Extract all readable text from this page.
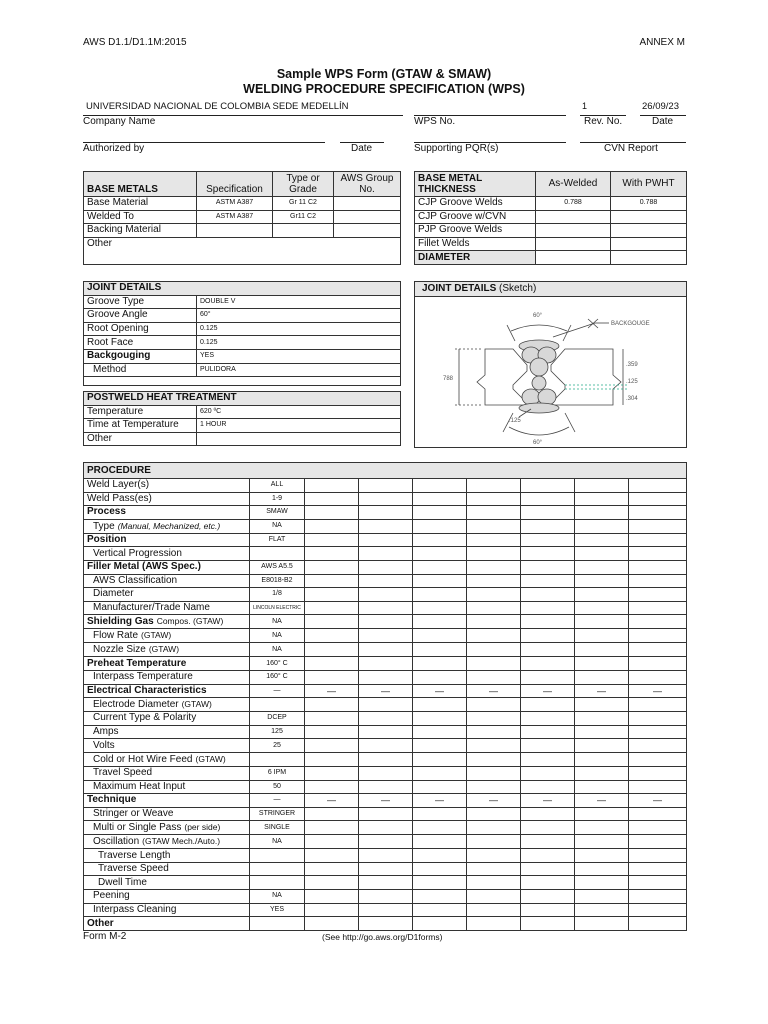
AWS D1.1/D1.1M:2015	ANNEX M
Sample WPS Form (GTAW & SMAW)
WELDING PROCEDURE SPECIFICATION (WPS)
UNIVERSIDAD NACIONAL DE COLOMBIA SEDE MEDELLÍN
Company Name	WPS No.
1
Rev. No.
26/09/23
Date
Authorized by	Date	Supporting PQR(s)	CVN Report
BASE METALS	Specification	Type or Grade	AWS Group No.
Base Material	ASTM A387	Gr 11 C2	
Welded To	ASTM A387	Gr11 C2	
Backing Material			
Other			
BASE METAL THICKNESS	As-Welded	With PWHT
CJP Groove Welds	0.788	0.788
CJP Groove w/CVN		
PJP Groove Welds		
Fillet Welds		
DIAMETER		
JOINT DETAILS	
Groove Type	DOUBLE V
Groove Angle	60°
Root Opening	0.125
Root Face	0.125
Backgouging	YES
Method	PULIDORA

POSTWELD HEAT TREATMENT	
Temperature	620 ºC
Time at Temperature	1 HOUR
Other	
JOINT DETAILS (Sketch)
60°
BACKGOUGE
788
.359
.125
.304
.125
60°
PROCEDURE								
Weld Layer(s)	ALL							
Weld Pass(es)	1-9							
Process	SMAW							
Type (Manual, Mechanized, etc.)	NA							
Position	FLAT							
Vertical Progression								
Filler Metal (AWS Spec.)	AWS A5.5							
AWS Classification	E8018-B2							
Diameter	1/8							
Manufacturer/Trade Name	LINCOLN ELECTRIC							
Shielding Gas Compos. (GTAW)	NA							
Flow Rate (GTAW)	NA							
Nozzle Size (GTAW)	NA							
Preheat Temperature	160° C							
Interpass Temperature	160° C							
Electrical Characteristics	—	—	—	—	—	—	—	—
Electrode Diameter (GTAW)								
Current Type & Polarity	DCEP							
Amps	125							
Volts	25							
Cold or Hot Wire Feed (GTAW)								
Travel Speed	6 IPM							
Maximum Heat Input	50							
Technique	—	—	—	—	—	—	—	—
Stringer or Weave	STRINGER							
Multi or Single Pass (per side)	SINGLE							
Oscillation (GTAW Mech./Auto.)	NA							
Traverse Length								
Traverse Speed								
Dwell Time								
Peening	NA							
Interpass Cleaning	YES							
Other								
Form M-2	(See http://go.aws.org/D1forms)
